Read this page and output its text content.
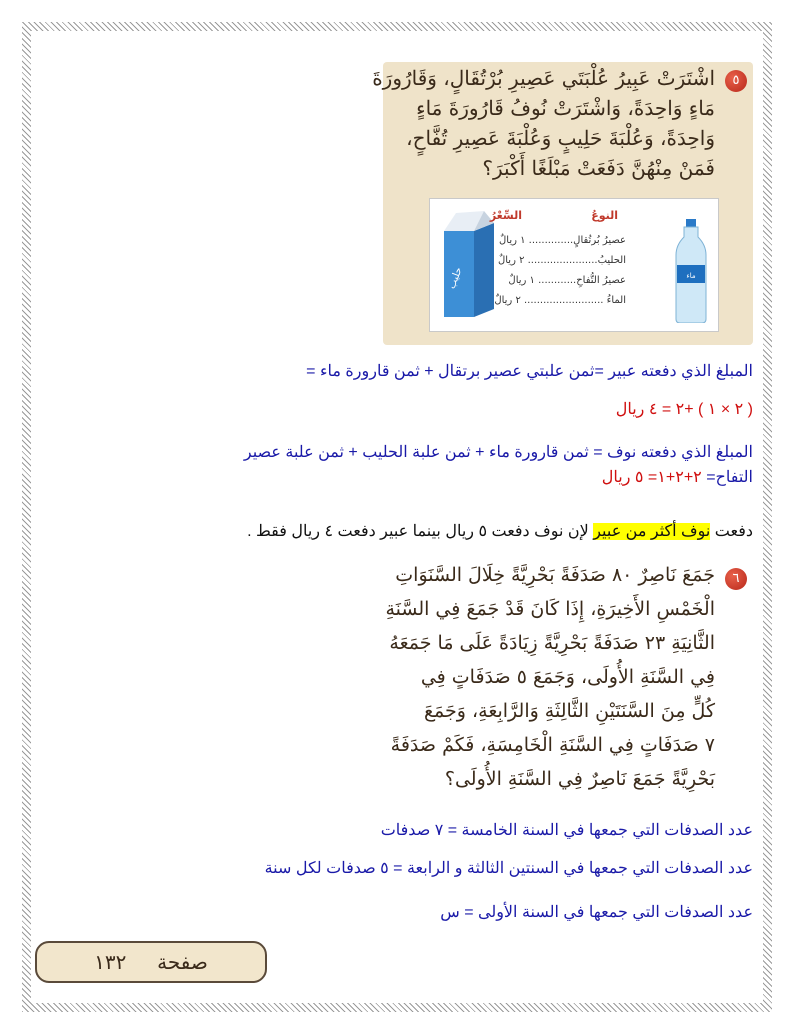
٥
اشْتَرَتْ عَبِيرُ عُلْبَتَي عَصِيرِ بُرْتُقَالٍ، وَقَارُورَةَ
مَاءٍ وَاحِدَةً، وَاشْتَرَتْ نُوفُ قَارُورَةَ مَاءٍ
وَاحِدَةً، وَعُلْبَةَ حَلِيبٍ وَعُلْبَةَ عَصِيرِ تُفَّاحٍ،
فَمَنْ مِنْهُنَّ دَفَعَتْ مَبْلَغًا أَكْبَرَ؟
حليب
النوعُ
السِّعْرُ
عصيرُ بُرتُقالٍ.............. ١ ريالٌ
الحليبُ...................... ٢ ريالٌ
عصيرُ التُّفاحِ............ ١ ريالٌ
الماءُ ......................... ٢ ريالٌ
ماء
المبلغ الذي دفعته عبير =ثمن علبتي عصير برتقال + ثمن قارورة ماء =
( ٢ × ١ ) +٢ = ٤ ريال
المبلغ الذي دفعته نوف = ثمن قارورة ماء + ثمن علبة الحليب + ثمن علبة عصير
التفاح= ٢+٢+١= ٥ ريال
دفعت نوف أكثر من عبير لإن نوف دفعت ٥ ريال بينما عبير دفعت ٤ ريال فقط .
٦
جَمَعَ نَاصِرٌ ٨٠ صَدَفَةً بَحْرِيَّةً خِلَالَ السَّنَوَاتِ
الْخَمْسِ الأَخِيرَةِ، إِذَا كَانَ قَدْ جَمَعَ فِي السَّنَةِ
الثَّانِيَةِ ٢٣ صَدَفَةً بَحْرِيَّةً زِيَادَةً عَلَى مَا جَمَعَهُ
فِي السَّنَةِ الأُولَى، وَجَمَعَ ٥ صَدَفَاتٍ فِي
كُلٍّ مِنَ السَّنَتَيْنِ الثَّالِثَةِ وَالرَّابِعَةِ، وَجَمَعَ
٧ صَدَفَاتٍ فِي السَّنَةِ الْخَامِسَةِ، فَكَمْ صَدَفَةً
بَحْرِيَّةً جَمَعَ نَاصِرٌ فِي السَّنَةِ الأُولَى؟
عدد الصدفات التي جمعها في السنة الخامسة = ٧ صدفات
عدد الصدفات التي جمعها في السنتين الثالثة و الرابعة = ٥ صدفات لكل سنة
عدد الصدفات التي جمعها في السنة الأولى = س
صفحة  ١٣٢
